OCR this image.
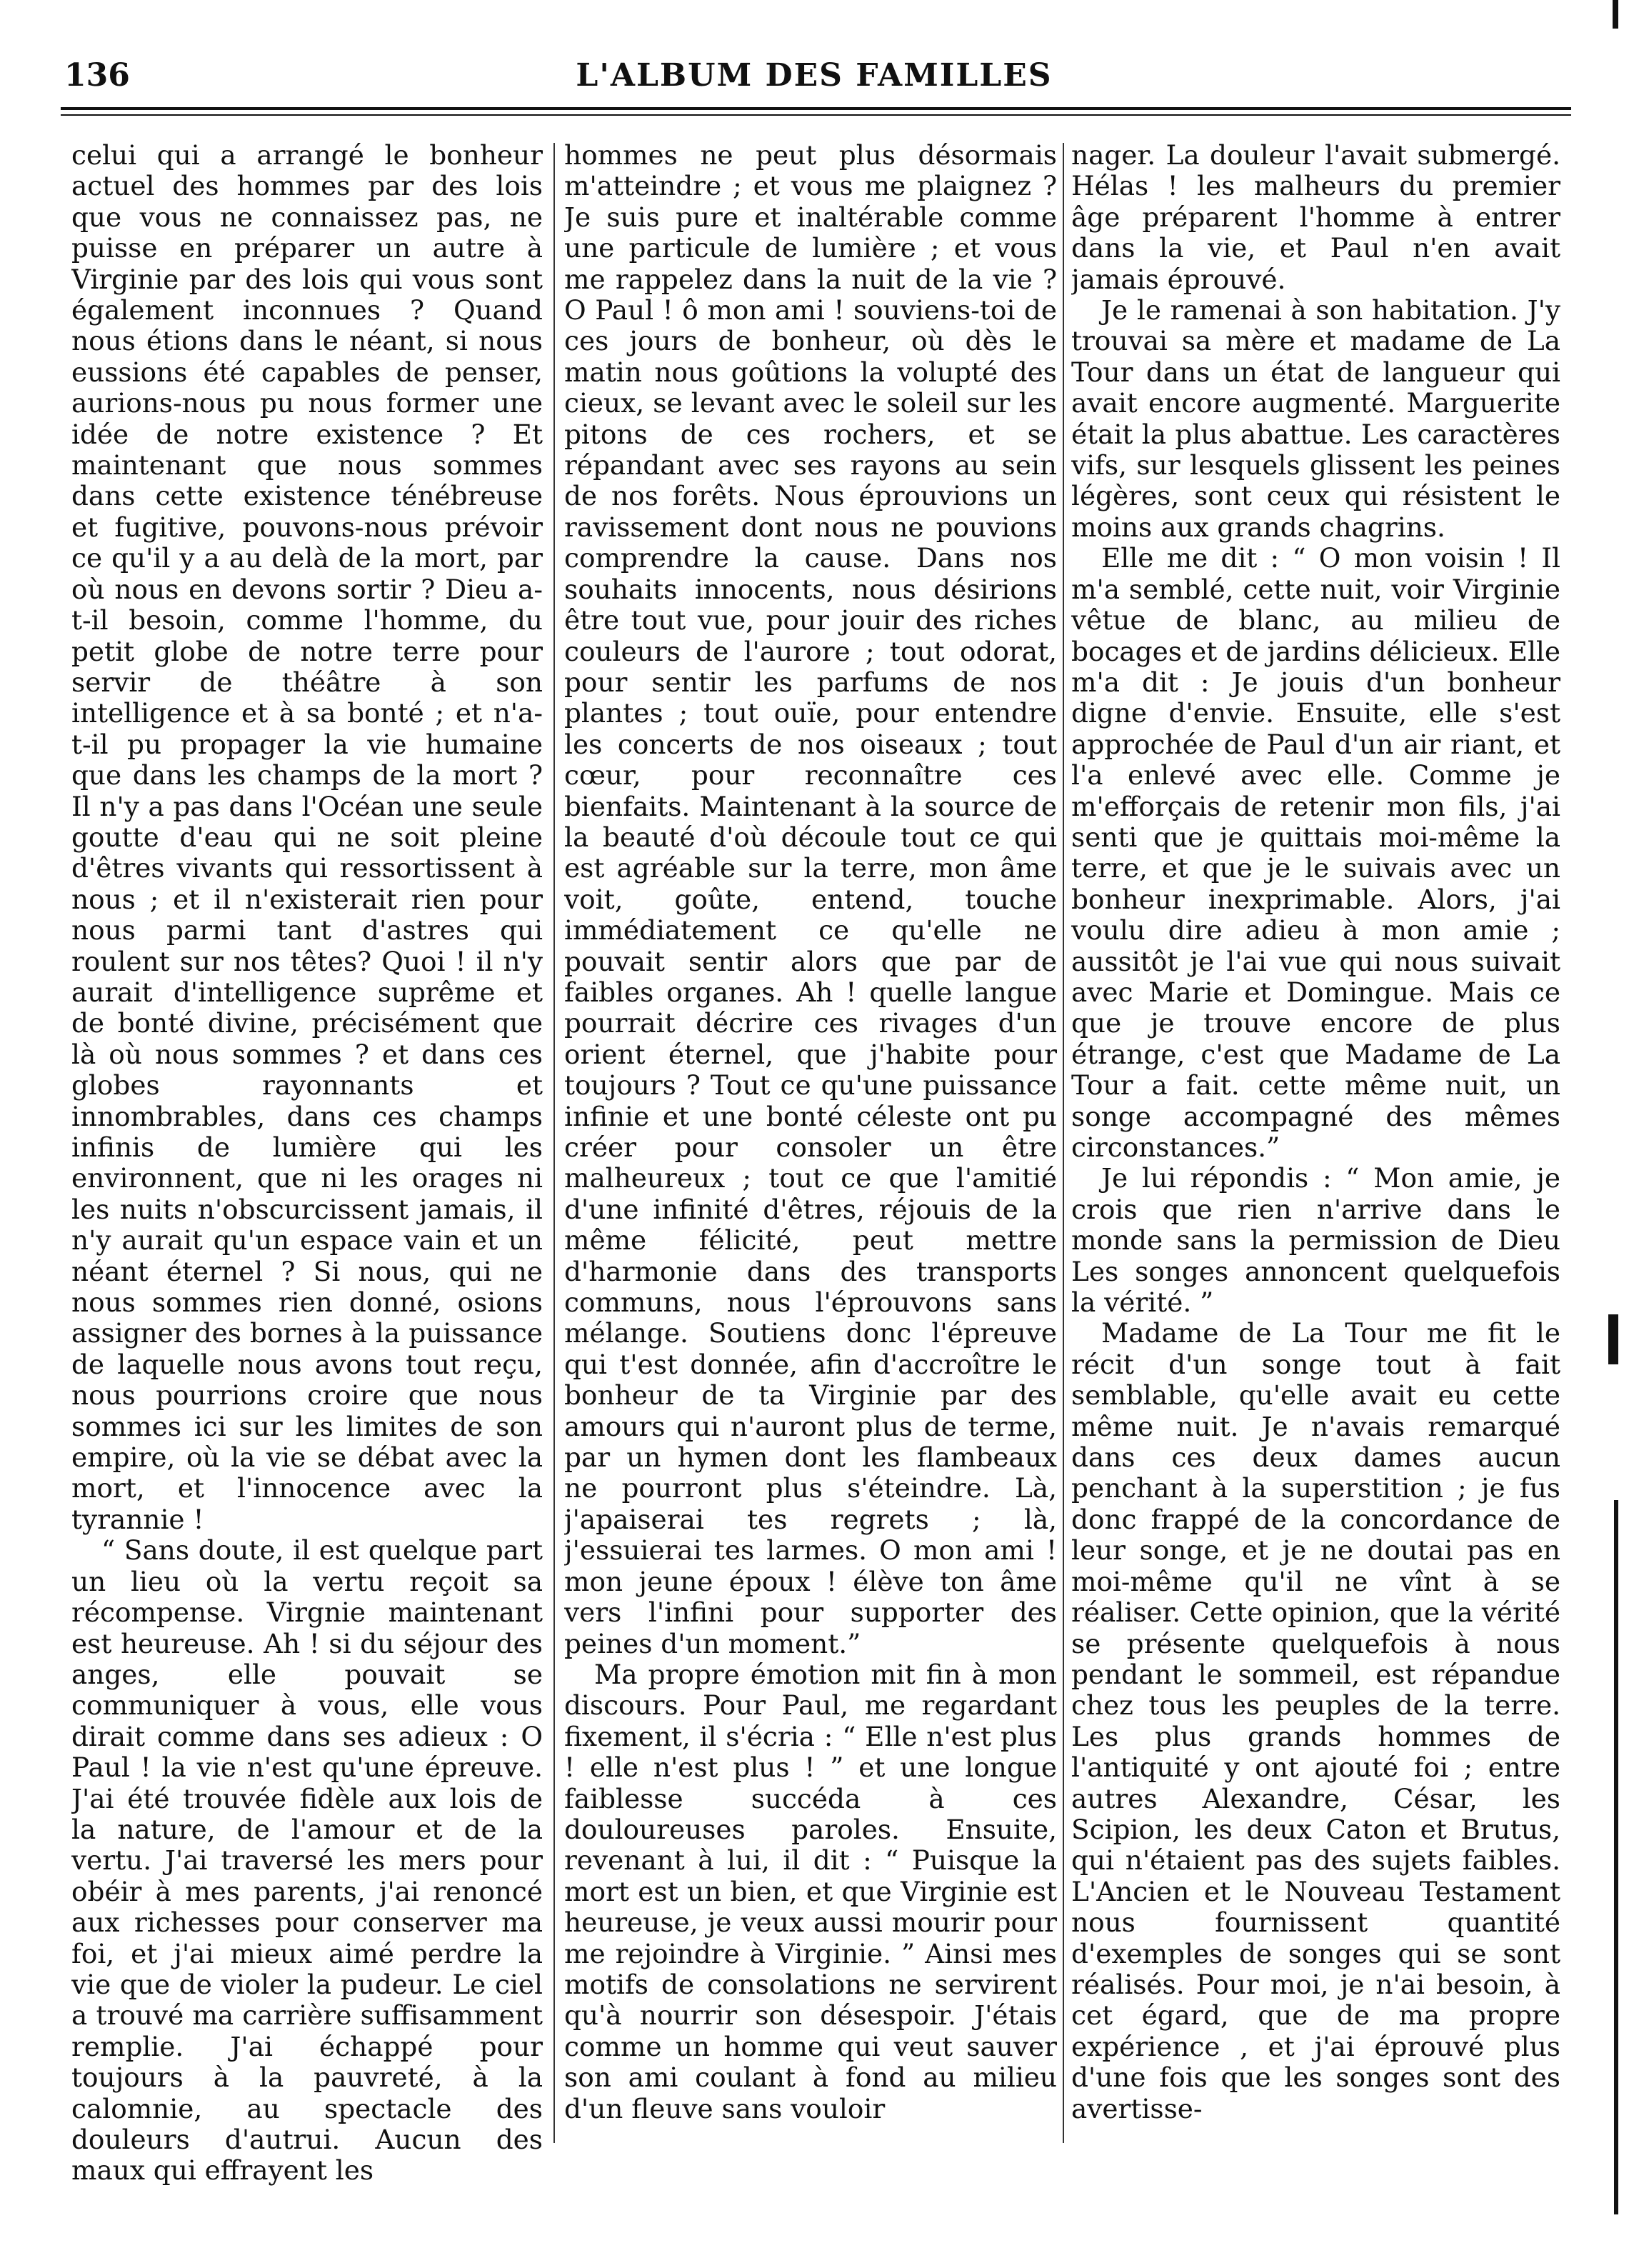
136	L'ALBUM DES FAMILLES

celui qui a arrangé le bonheur actuel des hommes par des lois que vous ne connaissez pas, ne puisse en préparer un autre à Virginie par des lois qui vous sont également inconnues ? Quand nous étions dans le néant, si nous eussions été capables de penser, aurions-nous pu nous former une idée de notre existence ? Et maintenant que nous sommes dans cette existence ténébreuse et fugitive, pouvons-nous prévoir ce qu'il y a au delà de la mort, par où nous en devons sortir ? Dieu a-t-il besoin, comme l'homme, du petit globe de notre terre pour servir de théâtre à son intelligence et à sa bonté ; et n'a-t-il pu propager la vie humaine que dans les champs de la mort ? Il n'y a pas dans l'Océan une seule goutte d'eau qui ne soit pleine d'êtres vivants qui ressortissent à nous ; et il n'existerait rien pour nous parmi tant d'astres qui roulent sur nos têtes? Quoi ! il n'y aurait d'intelligence suprême et de bonté divine, précisément que là où nous sommes ? et dans ces globes rayonnants et innombrables, dans ces champs infinis de lumière qui les environnent, que ni les orages ni les nuits n'obscurcissent jamais, il n'y aurait qu'un espace vain et un néant éternel ? Si nous, qui ne nous sommes rien donné, osions assigner des bornes à la puissance de laquelle nous avons tout reçu, nous pourrions croire que nous sommes ici sur les limites de son empire, où la vie se débat avec la mort, et l'innocence avec la tyrannie !

“ Sans doute, il est quelque part un lieu où la vertu reçoit sa récompense. Virgnie maintenant est heureuse. Ah ! si du séjour des anges, elle pouvait se communiquer à vous, elle vous dirait comme dans ses adieux : O Paul ! la vie n'est qu'une épreuve. J'ai été trouvée fidèle aux lois de la nature, de l'amour et de la vertu. J'ai traversé les mers pour obéir à mes parents, j'ai renoncé aux richesses pour conserver ma foi, et j'ai mieux aimé perdre la vie que de violer la pudeur. Le ciel a trouvé ma carrière suffisamment remplie. J'ai échappé pour toujours à la pauvreté, à la calomnie, au spectacle des douleurs d'autrui. Aucun des maux qui effrayent les

hommes ne peut plus désormais m'atteindre ; et vous me plaignez ? Je suis pure et inaltérable comme une particule de lumière ; et vous me rappelez dans la nuit de la vie ? O Paul ! ô mon ami ! souviens-toi de ces jours de bonheur, où dès le matin nous goûtions la volupté des cieux, se levant avec le soleil sur les pitons de ces rochers, et se répandant avec ses rayons au sein de nos forêts. Nous éprouvions un ravissement dont nous ne pouvions comprendre la cause. Dans nos souhaits innocents, nous désirions être tout vue, pour jouir des riches couleurs de l'aurore ; tout odorat, pour sentir les parfums de nos plantes ; tout ouïe, pour entendre les concerts de nos oiseaux ; tout cœur, pour reconnaître ces bienfaits. Maintenant à la source de la beauté d'où découle tout ce qui est agréable sur la terre, mon âme voit, goûte, entend, touche immédiatement ce qu'elle ne pouvait sentir alors que par de faibles organes. Ah ! quelle langue pourrait décrire ces rivages d'un orient éternel, que j'habite pour toujours ? Tout ce qu'une puissance infinie et une bonté céleste ont pu créer pour consoler un être malheureux ; tout ce que l'amitié d'une infinité d'êtres, réjouis de la même félicité, peut mettre d'harmonie dans des transports communs, nous l'éprouvons sans mélange. Soutiens donc l'épreuve qui t'est donnée, afin d'accroître le bonheur de ta Virginie par des amours qui n'auront plus de terme, par un hymen dont les flambeaux ne pourront plus s'éteindre. Là, j'apaiserai tes regrets ; là, j'essuierai tes larmes. O mon ami ! mon jeune époux ! élève ton âme vers l'infini pour supporter des peines d'un moment.”

Ma propre émotion mit fin à mon discours. Pour Paul, me regardant fixement, il s'écria : “ Elle n'est plus ! elle n'est plus ! ” et une longue faiblesse succéda à ces douloureuses paroles. Ensuite, revenant à lui, il dit : “ Puisque la mort est un bien, et que Virginie est heureuse, je veux aussi mourir pour me rejoindre à Virginie. ” Ainsi mes motifs de consolations ne servirent qu'à nourrir son désespoir. J'étais comme un homme qui veut sauver son ami coulant à fond au milieu d'un fleuve sans vouloir

nager. La douleur l'avait submergé. Hélas ! les malheurs du premier âge préparent l'homme à entrer dans la vie, et Paul n'en avait jamais éprouvé.

Je le ramenai à son habitation. J'y trouvai sa mère et madame de La Tour dans un état de langueur qui avait encore augmenté. Marguerite était la plus abattue. Les caractères vifs, sur lesquels glissent les peines légères, sont ceux qui résistent le moins aux grands chagrins.

Elle me dit : “ O mon voisin ! Il m'a semblé, cette nuit, voir Virginie vêtue de blanc, au milieu de bocages et de jardins délicieux. Elle m'a dit : Je jouis d'un bonheur digne d'envie. Ensuite, elle s'est approchée de Paul d'un air riant, et l'a enlevé avec elle. Comme je m'efforçais de retenir mon fils, j'ai senti que je quittais moi-même la terre, et que je le suivais avec un bonheur inexprimable. Alors, j'ai voulu dire adieu à mon amie ; aussitôt je l'ai vue qui nous suivait avec Marie et Domingue. Mais ce que je trouve encore de plus étrange, c'est que Madame de La Tour a fait. cette même nuit, un songe accompagné des mêmes circonstances.”

Je lui répondis : “ Mon amie, je crois que rien n'arrive dans le monde sans la permission de Dieu Les songes annoncent quelquefois la vérité. ”

Madame de La Tour me fit le récit d'un songe tout à fait semblable, qu'elle avait eu cette même nuit. Je n'avais remarqué dans ces deux dames aucun penchant à la superstition ; je fus donc frappé de la concordance de leur songe, et je ne doutai pas en moi-même qu'il ne vînt à se réaliser. Cette opinion, que la vérité se présente quelquefois à nous pendant le sommeil, est répandue chez tous les peuples de la terre. Les plus grands hommes de l'antiquité y ont ajouté foi ; entre autres Alexandre, César, les Scipion, les deux Caton et Brutus, qui n'étaient pas des sujets faibles. L'Ancien et le Nouveau Testament nous fournissent quantité d'exemples de songes qui se sont réalisés. Pour moi, je n'ai besoin, à cet égard, que de ma propre expérience , et j'ai éprouvé plus d'une fois que les songes sont des avertisse-
